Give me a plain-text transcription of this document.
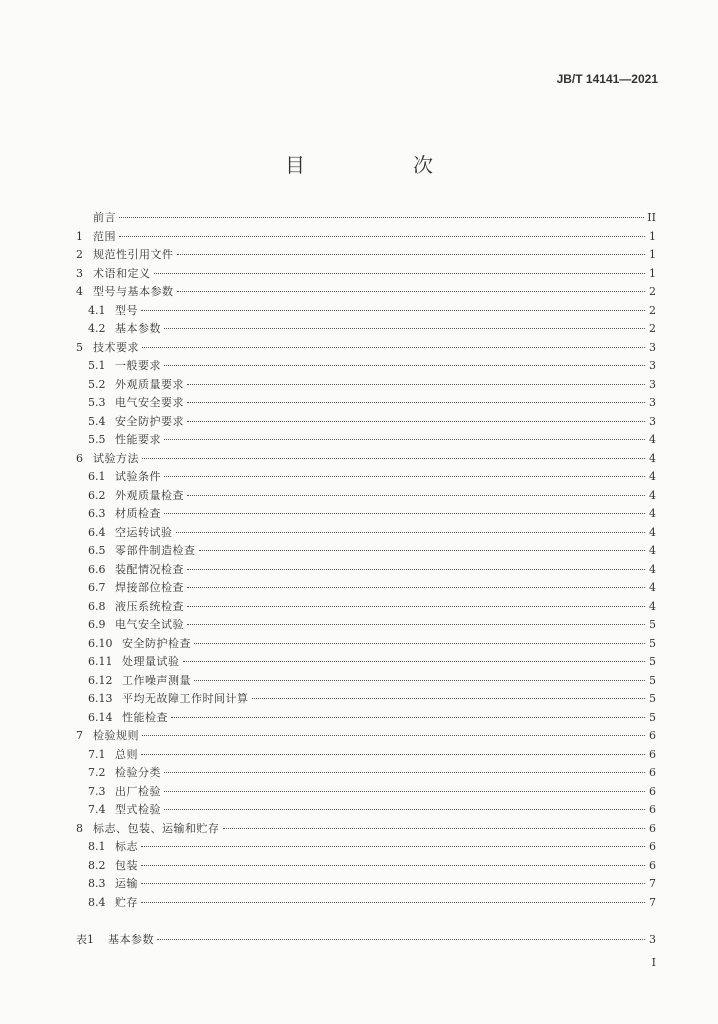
JB/T 14141—2021
目　次
前言	II
1 范围	1
2 规范性引用文件	1
3 术语和定义	1
4 型号与基本参数	2
4.1 型号	2
4.2 基本参数	2
5 技术要求	3
5.1 一般要求	3
5.2 外观质量要求	3
5.3 电气安全要求	3
5.4 安全防护要求	3
5.5 性能要求	4
6 试验方法	4
6.1 试验条件	4
6.2 外观质量检查	4
6.3 材质检查	4
6.4 空运转试验	4
6.5 零部件制造检查	4
6.6 装配情况检查	4
6.7 焊接部位检查	4
6.8 液压系统检查	4
6.9 电气安全试验	5
6.10 安全防护检查	5
6.11 处理量试验	5
6.12 工作噪声测量	5
6.13 平均无故障工作时间计算	5
6.14 性能检查	5
7 检验规则	6
7.1 总则	6
7.2 检验分类	6
7.3 出厂检验	6
7.4 型式检验	6
8 标志、包装、运输和贮存	6
8.1 标志	6
8.2 包装	6
8.3 运输	7
8.4 贮存	7
表1	基本参数	3
I
